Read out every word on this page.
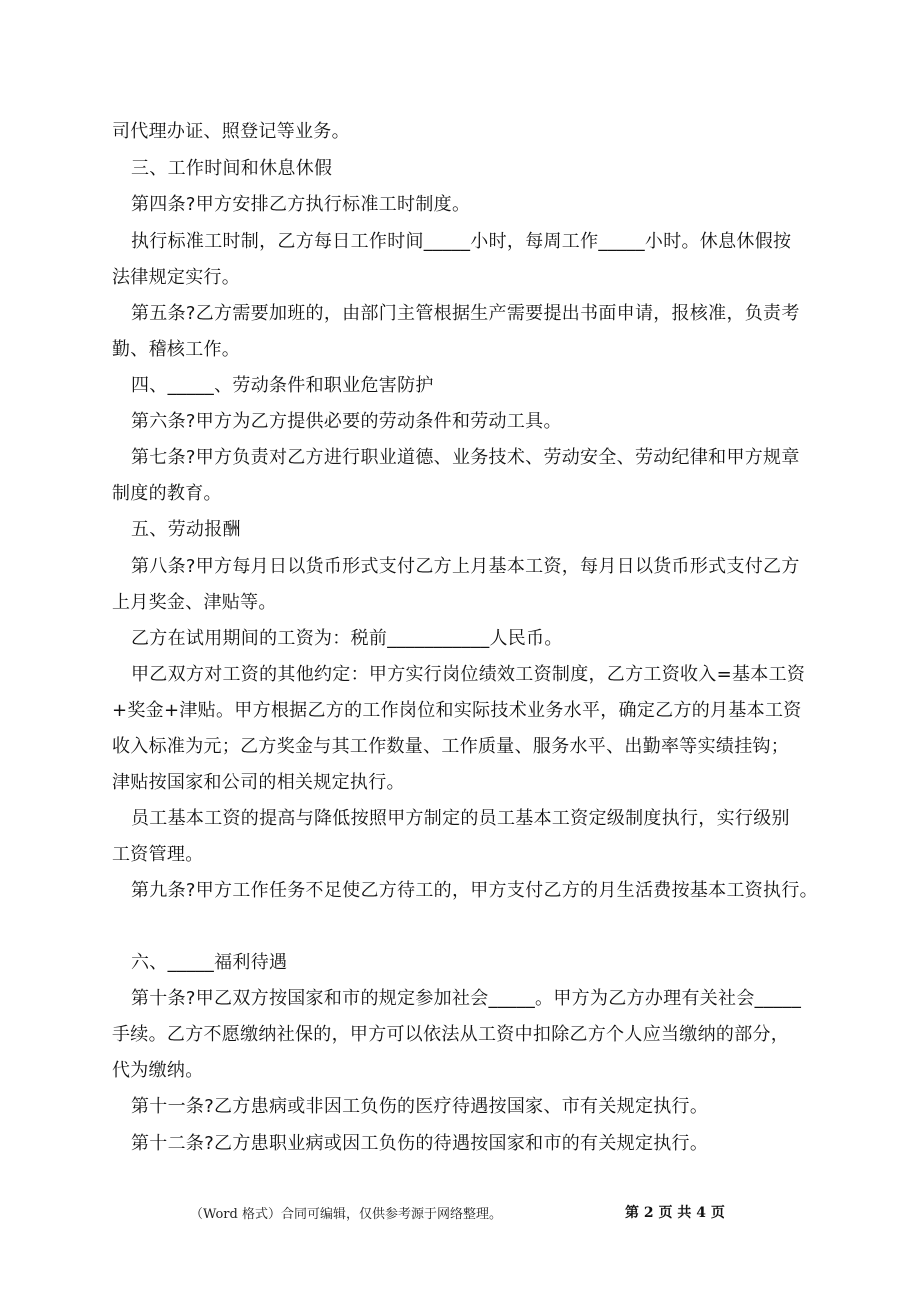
司代理办证、照登记等业务。
三、工作时间和休息休假
第四条?甲方安排乙方执行标准工时制度。
执行标准工时制，乙方每日工作时间_____小时，每周工作_____小时。休息休假按
法律规定实行。
第五条?乙方需要加班的，由部门主管根据生产需要提出书面申请，报核准，负责考
勤、稽核工作。
四、_____、劳动条件和职业危害防护
第六条?甲方为乙方提供必要的劳动条件和劳动工具。
第七条?甲方负责对乙方进行职业道德、业务技术、劳动安全、劳动纪律和甲方规章
制度的教育。
五、劳动报酬
第八条?甲方每月日以货币形式支付乙方上月基本工资，每月日以货币形式支付乙方
上月奖金、津贴等。
乙方在试用期间的工资为：税前___________人民币。
甲乙双方对工资的其他约定：甲方实行岗位绩效工资制度，乙方工资收入=基本工资
+奖金+津贴。甲方根据乙方的工作岗位和实际技术业务水平，确定乙方的月基本工资
收入标准为元；乙方奖金与其工作数量、工作质量、服务水平、出勤率等实绩挂钩；
津贴按国家和公司的相关规定执行。
员工基本工资的提高与降低按照甲方制定的员工基本工资定级制度执行，实行级别
工资管理。
第九条?甲方工作任务不足使乙方待工的，甲方支付乙方的月生活费按基本工资执行。
六、_____福利待遇
第十条?甲乙双方按国家和市的规定参加社会_____。甲方为乙方办理有关社会_____
手续。乙方不愿缴纳社保的，甲方可以依法从工资中扣除乙方个人应当缴纳的部分，
代为缴纳。
第十一条?乙方患病或非因工负伤的医疗待遇按国家、市有关规定执行。
第十二条?乙方患职业病或因工负伤的待遇按国家和市的有关规定执行。
（Word 格式）合同可编辑，仅供参考源于网络整理。	第 2 页 共 4 页
